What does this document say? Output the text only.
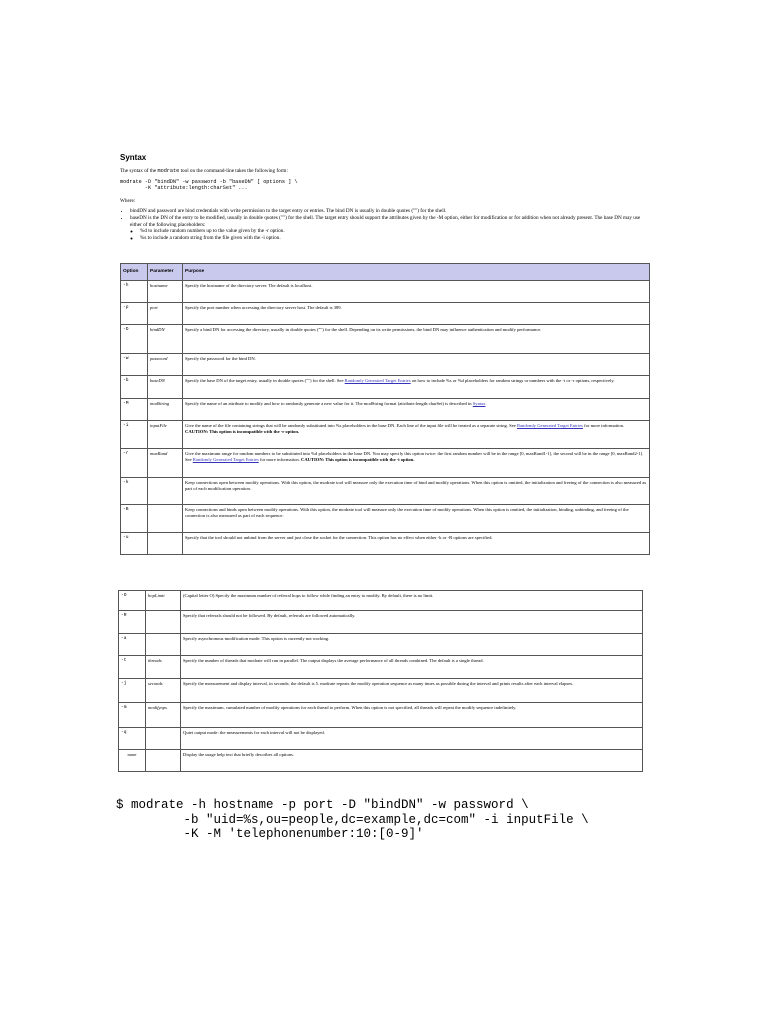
Syntax

The syntax of the modrate tool on the command-line takes the following form:

modrate -D "bindDN" -w password -b "baseDN" [ options ] \
-K "attribute:length:charSet" ...

Where:

• bindDN and password are bind credentials with write permission to the target entry or entries. The bind DN is usually in double quotes ("") for the shell.
• baseDN is the DN of the entry to be modified, usually in double quotes ("") for the shell. The target entry should support the attributes given by the -M option, either for modification or for addition when not already present. The base DN may use either of the following placeholders:
◦ %d to include random numbers up to the value given by the -r option.
◦ %s to include a random string from the file given with the -i option.
Option	Parameter	Purpose
-h	hostname	Specify the hostname of the directory server. The default is localhost.
-p	port	Specify the port number when accessing the directory server host. The default is 389.
-D	bindDN	Specify a bind DN for accessing the directory, usually in double quotes ("") for the shell. Depending on its write permissions, the bind DN may influence authentication and modify performance.
-w	password	Specify the password for the bind DN.
-b	baseDN	Specify the base DN of the target entry, usually in double quotes ("") for the shell. See Randomly Generated Target Entries on how to include %s or %d placeholders for random strings or numbers with the -i or -r options, respectively.
-M	modString	Specify the name of an attribute to modify and how to randomly generate a new value for it. The modString format (attribute:length:charSet) is described in Syntax.
-i	inputFile	Give the name of the file containing strings that will be randomly substituted into %s placeholders in the base DN. Each line of the input file will be treated as a separate string. See Randomly Generated Target Entries for more information. CAUTION: This option is incompatible with the -r option.
-r	maxRand	Give the maximum range for random numbers to be substituted into %d placeholders in the base DN. You may specify this option twice: the first random number will be in the range [0, maxRand1-1], the second will be in the range [0, maxRand2-1]. See Randomly Generated Target Entries for more information. CAUTION: This option is incompatible with the -i option.
-k		Keep connections open between modify operations. With this option, the modrate tool will measure only the execution time of bind and modify operations. When this option is omitted, the initialization and freeing of the connection is also measured as part of each modification operation.
-B		Keep connections and binds open between modify operations. With this option, the modrate tool will measure only the execution time of modify operations. When this option is omitted, the initialization, binding, unbinding, and freeing of the connection is also measured as part of each sequence.
-u		Specify that the tool should not unbind from the server and just close the socket for the connection. This option has no effect when either -k or -B options are specified.
-O	hopLimit	(Capital letter O) Specify the maximum number of referral hops to follow while finding an entry to modify. By default, there is no limit.
-R		Specify that referrals should not be followed. By default, referrals are followed automatically.
-a		Specify asynchronous modification mode. This option is currently not working.
-t	threads	Specify the number of threads that modrate will run in parallel. The output displays the average performance of all threads combined. The default is a single thread.
-j	seconds	Specify the measurement and display interval, in seconds; the default is 5. modrate repeats the modify operation sequence as many times as possible during the interval and prints results after each interval elapses.
-m	modifyops	Specify the maximum, cumulated number of modify operations for each thread to perform. When this option is not specified, all threads will repeat the modify sequence indefinitely.
-q		Quiet output mode: the measurements for each interval will not be displayed.
none		Display the usage help text that briefly describes all options.
$ modrate -h hostname -p port -D "bindDN" -w password \
-b "uid=%s,ou=people,dc=example,dc=com" -i inputFile \
-K -M 'telephonenumber:10:[0-9]'
